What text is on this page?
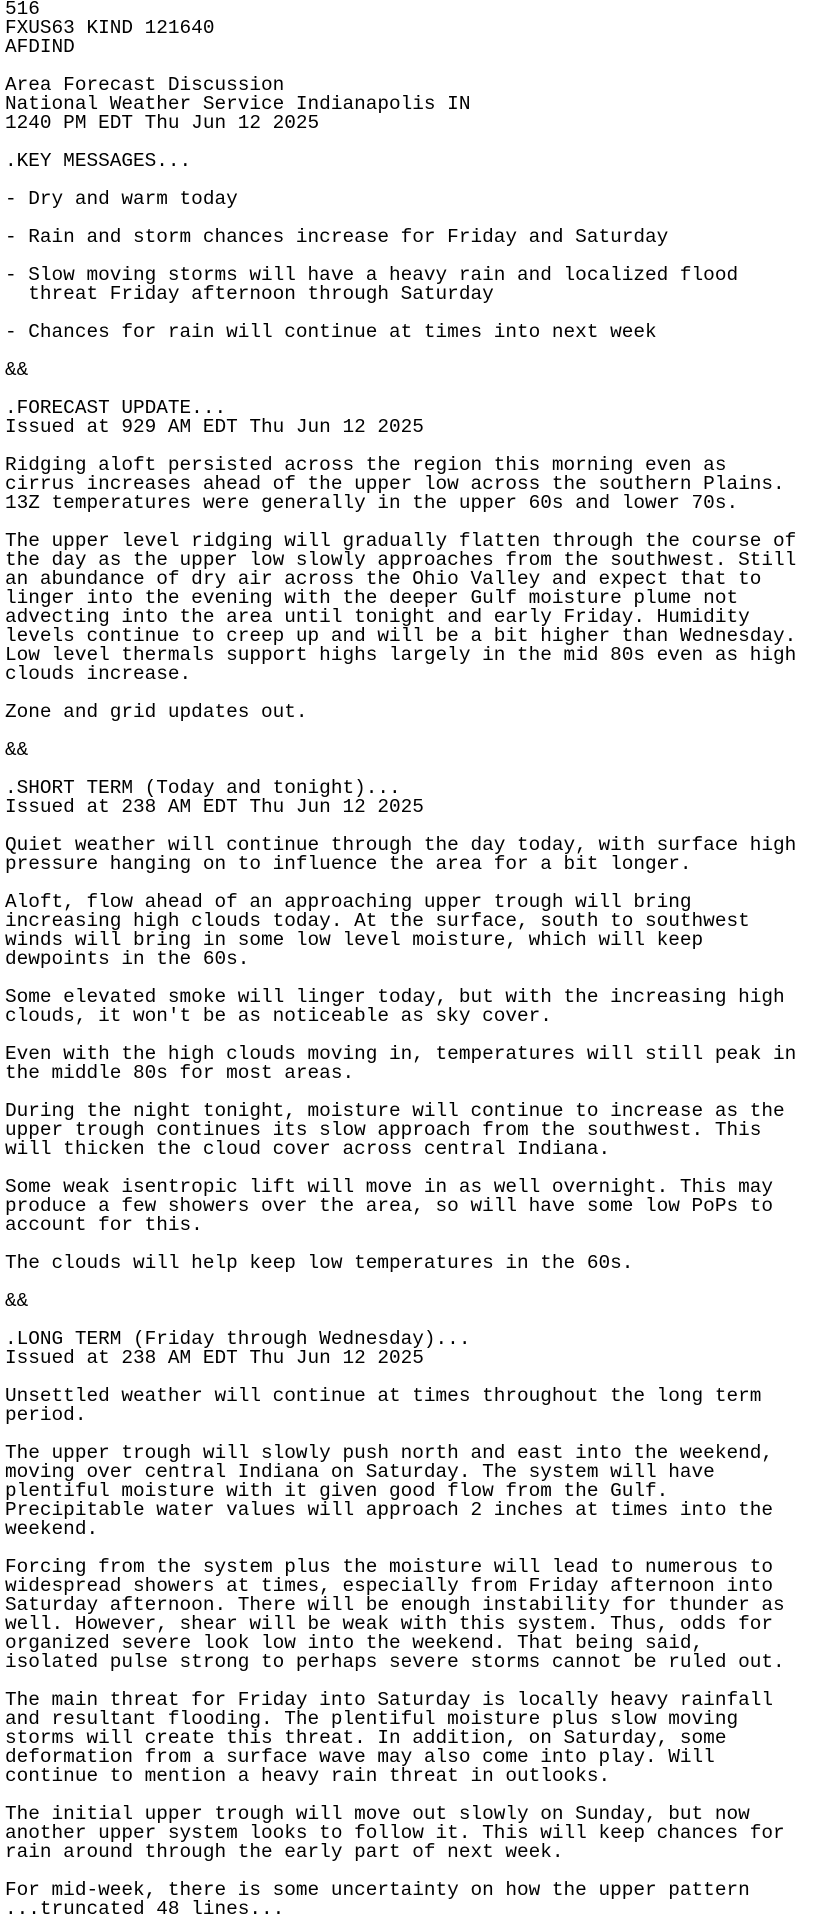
516
FXUS63 KIND 121640
AFDIND
Area Forecast Discussion
National Weather Service Indianapolis IN
1240 PM EDT Thu Jun 12 2025
.KEY MESSAGES...
- Dry and warm today
- Rain and storm chances increase for Friday and Saturday
- Slow moving storms will have a heavy rain and localized flood
threat Friday afternoon through Saturday
- Chances for rain will continue at times into next week
&&
.FORECAST UPDATE...
Issued at 929 AM EDT Thu Jun 12 2025
Ridging aloft persisted across the region this morning even as
cirrus increases ahead of the upper low across the southern Plains.
13Z temperatures were generally in the upper 60s and lower 70s.
The upper level ridging will gradually flatten through the course of
the day as the upper low slowly approaches from the southwest. Still
an abundance of dry air across the Ohio Valley and expect that to
linger into the evening with the deeper Gulf moisture plume not
advecting into the area until tonight and early Friday. Humidity
levels continue to creep up and will be a bit higher than Wednesday.
Low level thermals support highs largely in the mid 80s even as high
clouds increase.
Zone and grid updates out.
&&
.SHORT TERM (Today and tonight)...
Issued at 238 AM EDT Thu Jun 12 2025
Quiet weather will continue through the day today, with surface high
pressure hanging on to influence the area for a bit longer.
Aloft, flow ahead of an approaching upper trough will bring
increasing high clouds today. At the surface, south to southwest
winds will bring in some low level moisture, which will keep
dewpoints in the 60s.
Some elevated smoke will linger today, but with the increasing high
clouds, it won't be as noticeable as sky cover.
Even with the high clouds moving in, temperatures will still peak in
the middle 80s for most areas.
During the night tonight, moisture will continue to increase as the
upper trough continues its slow approach from the southwest. This
will thicken the cloud cover across central Indiana.
Some weak isentropic lift will move in as well overnight. This may
produce a few showers over the area, so will have some low PoPs to
account for this.
The clouds will help keep low temperatures in the 60s.
&&
.LONG TERM (Friday through Wednesday)...
Issued at 238 AM EDT Thu Jun 12 2025
Unsettled weather will continue at times throughout the long term
period.
The upper trough will slowly push north and east into the weekend,
moving over central Indiana on Saturday. The system will have
plentiful moisture with it given good flow from the Gulf.
Precipitable water values will approach 2 inches at times into the
weekend.
Forcing from the system plus the moisture will lead to numerous to
widespread showers at times, especially from Friday afternoon into
Saturday afternoon. There will be enough instability for thunder as
well. However, shear will be weak with this system. Thus, odds for
organized severe look low into the weekend. That being said,
isolated pulse strong to perhaps severe storms cannot be ruled out.
The main threat for Friday into Saturday is locally heavy rainfall
and resultant flooding. The plentiful moisture plus slow moving
storms will create this threat. In addition, on Saturday, some
deformation from a surface wave may also come into play. Will
continue to mention a heavy rain threat in outlooks.
The initial upper trough will move out slowly on Sunday, but now
another upper system looks to follow it. This will keep chances for
rain around through the early part of next week.
For mid-week, there is some uncertainty on how the upper pattern
...truncated 48 lines...
